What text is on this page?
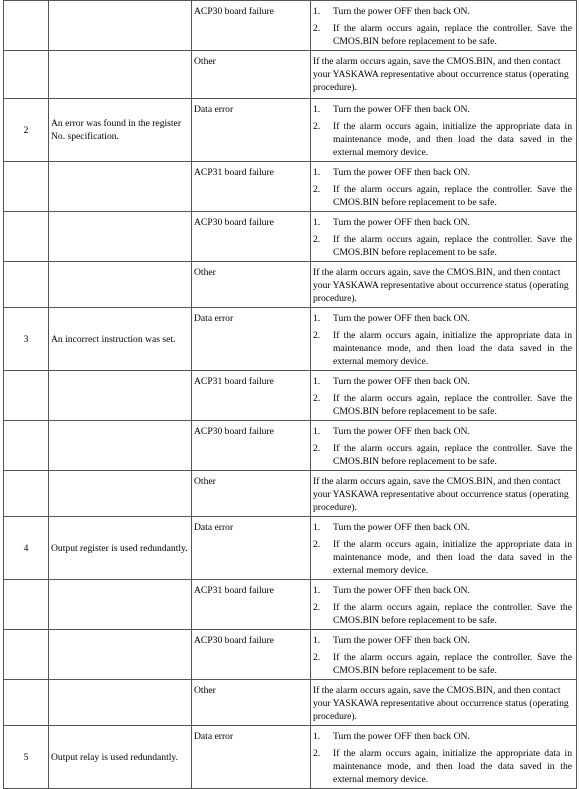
		ACP30 board failure	1. Turn the power OFF then back ON.
2. If the alarm occurs again, replace the controller. Save the CMOS.BIN before replacement to be safe.

		Other	If the alarm occurs again, save the CMOS.BIN, and then contact your YASKAWA representative about occurrence status (operating procedure).

2	An error was found in the register No. specification.	Data error	1. Turn the power OFF then back ON.
2. If the alarm occurs again, initialize the appropriate data in maintenance mode, and then load the data saved in the external memory device.

		ACP31 board failure	1. Turn the power OFF then back ON.
2. If the alarm occurs again, replace the controller. Save the CMOS.BIN before replacement to be safe.

		ACP30 board failure	1. Turn the power OFF then back ON.
2. If the alarm occurs again, replace the controller. Save the CMOS.BIN before replacement to be safe.

		Other	If the alarm occurs again, save the CMOS.BIN, and then contact your YASKAWA representative about occurrence status (operating procedure).

3	An incorrect instruction was set.	Data error	1. Turn the power OFF then back ON.
2. If the alarm occurs again, initialize the appropriate data in maintenance mode, and then load the data saved in the external memory device.

		ACP31 board failure	1. Turn the power OFF then back ON.
2. If the alarm occurs again, replace the controller. Save the CMOS.BIN before replacement to be safe.

		ACP30 board failure	1. Turn the power OFF then back ON.
2. If the alarm occurs again, replace the controller. Save the CMOS.BIN before replacement to be safe.

		Other	If the alarm occurs again, save the CMOS.BIN, and then contact your YASKAWA representative about occurrence status (operating procedure).

4	Output register is used redundantly.	Data error	1. Turn the power OFF then back ON.
2. If the alarm occurs again, initialize the appropriate data in maintenance mode, and then load the data saved in the external memory device.

		ACP31 board failure	1. Turn the power OFF then back ON.
2. If the alarm occurs again, replace the controller. Save the CMOS.BIN before replacement to be safe.

		ACP30 board failure	1. Turn the power OFF then back ON.
2. If the alarm occurs again, replace the controller. Save the CMOS.BIN before replacement to be safe.

		Other	If the alarm occurs again, save the CMOS.BIN, and then contact your YASKAWA representative about occurrence status (operating procedure).

5	Output relay is used redundantly.	Data error	1. Turn the power OFF then back ON.
2. If the alarm occurs again, initialize the appropriate data in maintenance mode, and then load the data saved in the external memory device.
